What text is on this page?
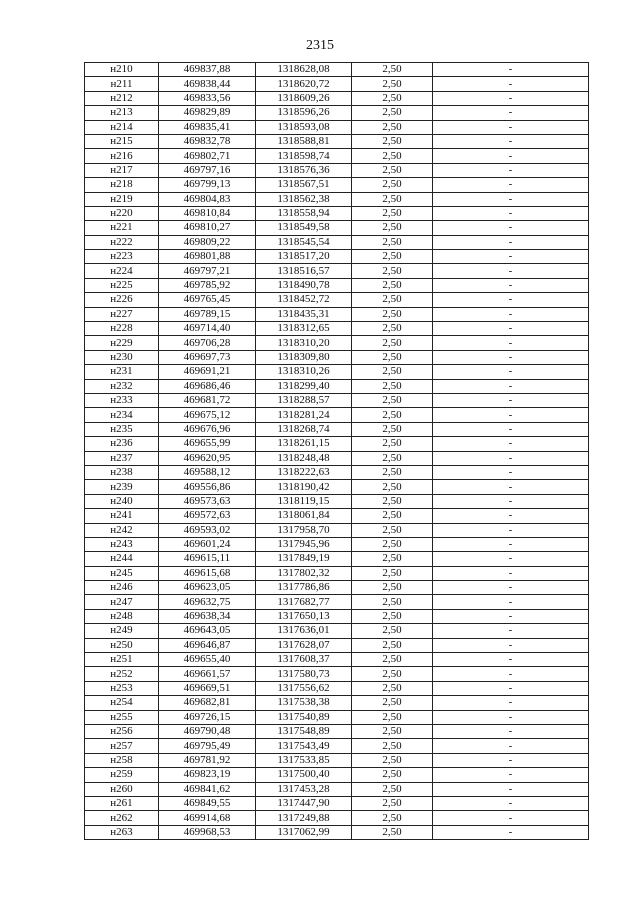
2315
н210	469837,88	1318628,08	2,50	-
н211	469838,44	1318620,72	2,50	-
н212	469833,56	1318609,26	2,50	-
н213	469829,89	1318596,26	2,50	-
н214	469835,41	1318593,08	2,50	-
н215	469832,78	1318588,81	2,50	-
н216	469802,71	1318598,74	2,50	-
н217	469797,16	1318576,36	2,50	-
н218	469799,13	1318567,51	2,50	-
н219	469804,83	1318562,38	2,50	-
н220	469810,84	1318558,94	2,50	-
н221	469810,27	1318549,58	2,50	-
н222	469809,22	1318545,54	2,50	-
н223	469801,88	1318517,20	2,50	-
н224	469797,21	1318516,57	2,50	-
н225	469785,92	1318490,78	2,50	-
н226	469765,45	1318452,72	2,50	-
н227	469789,15	1318435,31	2,50	-
н228	469714,40	1318312,65	2,50	-
н229	469706,28	1318310,20	2,50	-
н230	469697,73	1318309,80	2,50	-
н231	469691,21	1318310,26	2,50	-
н232	469686,46	1318299,40	2,50	-
н233	469681,72	1318288,57	2,50	-
н234	469675,12	1318281,24	2,50	-
н235	469676,96	1318268,74	2,50	-
н236	469655,99	1318261,15	2,50	-
н237	469620,95	1318248,48	2,50	-
н238	469588,12	1318222,63	2,50	-
н239	469556,86	1318190,42	2,50	-
н240	469573,63	1318119,15	2,50	-
н241	469572,63	1318061,84	2,50	-
н242	469593,02	1317958,70	2,50	-
н243	469601,24	1317945,96	2,50	-
н244	469615,11	1317849,19	2,50	-
н245	469615,68	1317802,32	2,50	-
н246	469623,05	1317786,86	2,50	-
н247	469632,75	1317682,77	2,50	-
н248	469638,34	1317650,13	2,50	-
н249	469643,05	1317636,01	2,50	-
н250	469646,87	1317628,07	2,50	-
н251	469655,40	1317608,37	2,50	-
н252	469661,57	1317580,73	2,50	-
н253	469669,51	1317556,62	2,50	-
н254	469682,81	1317538,38	2,50	-
н255	469726,15	1317540,89	2,50	-
н256	469790,48	1317548,89	2,50	-
н257	469795,49	1317543,49	2,50	-
н258	469781,92	1317533,85	2,50	-
н259	469823,19	1317500,40	2,50	-
н260	469841,62	1317453,28	2,50	-
н261	469849,55	1317447,90	2,50	-
н262	469914,68	1317249,88	2,50	-
н263	469968,53	1317062,99	2,50	-
